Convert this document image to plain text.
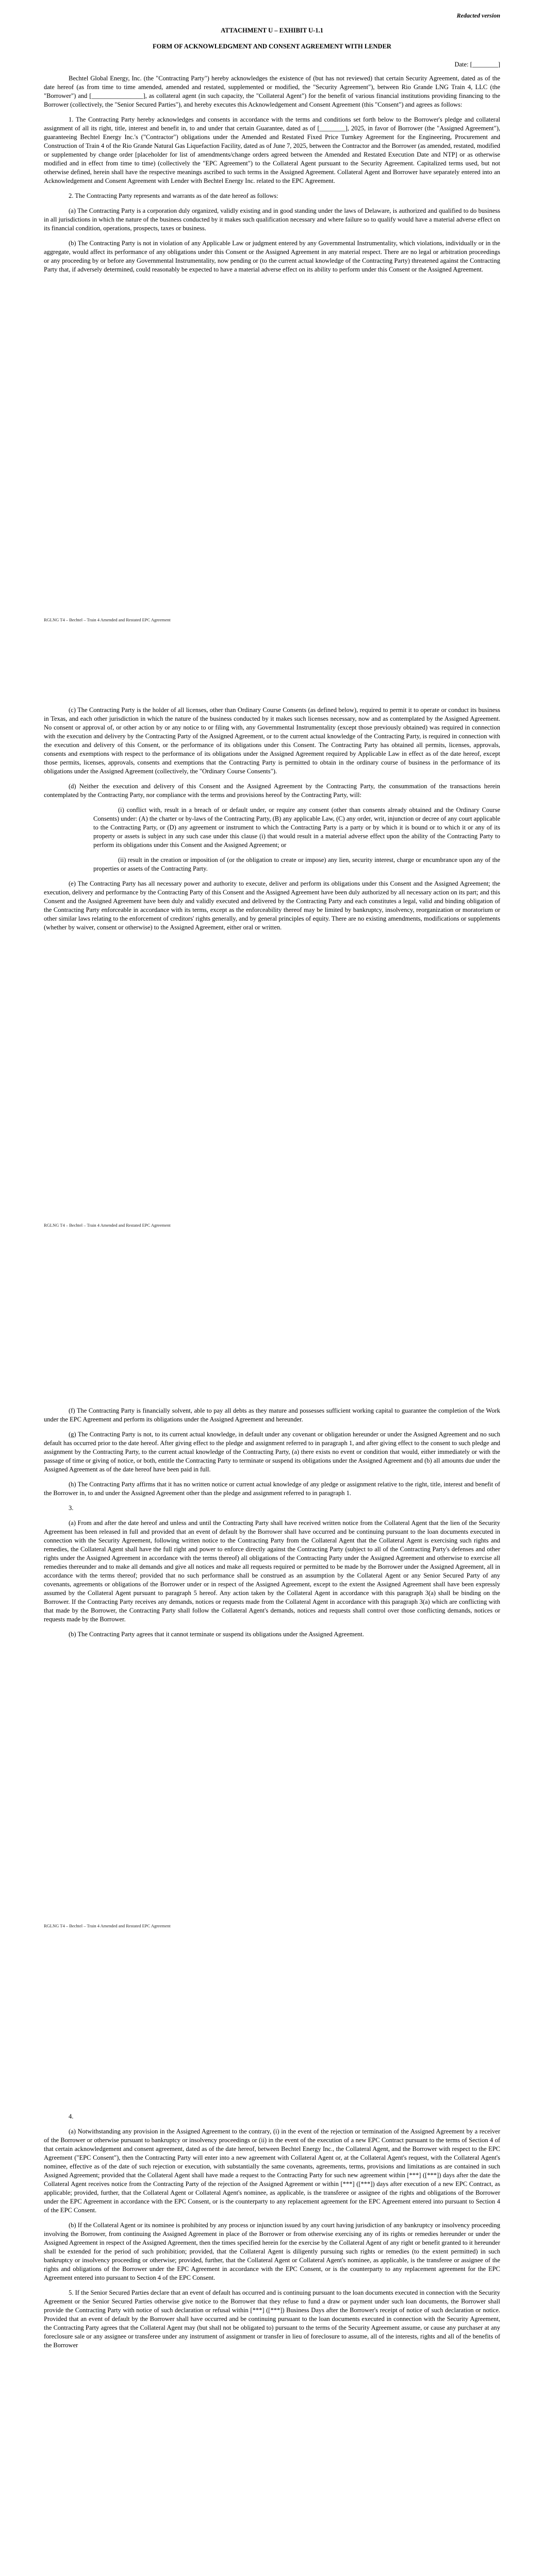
Redacted version
ATTACHMENT U – EXHIBIT U-1.1
FORM OF ACKNOWLEDGMENT AND CONSENT AGREEMENT WITH LENDER
Date: [________]

Bechtel Global Energy, Inc. (the "Contracting Party") hereby acknowledges the existence of (but has not reviewed) that certain Security Agreement, dated as of the date hereof (as from time to time amended, amended and restated, supplemented or modified, the "Security Agreement"), between Rio Grande LNG Train 4, LLC (the "Borrower") and [________________], as collateral agent (in such capacity, the "Collateral Agent") for the benefit of various financial institutions providing financing to the Borrower (collectively, the "Senior Secured Parties"), and hereby executes this Acknowledgement and Consent Agreement (this "Consent") and agrees as follows:

1. The Contracting Party hereby acknowledges and consents in accordance with the terms and conditions set forth below to the Borrower's pledge and collateral assignment of all its right, title, interest and benefit in, to and under that certain Guarantee, dated as of [________], 2025, in favor of Borrower (the "Assigned Agreement"), guaranteeing Bechtel Energy Inc.'s ("Contractor") obligations under the Amended and Restated Fixed Price Turnkey Agreement for the Engineering, Procurement and Construction of Train 4 of the Rio Grande Natural Gas Liquefaction Facility, dated as of June 7, 2025, between the Contractor and the Borrower (as amended, restated, modified or supplemented by change order [placeholder for list of amendments/change orders agreed between the Amended and Restated Execution Date and NTP] or as otherwise modified and in effect from time to time) (collectively the "EPC Agreement") to the Collateral Agent pursuant to the Security Agreement. Capitalized terms used, but not otherwise defined, herein shall have the respective meanings ascribed to such terms in the Assigned Agreement. Collateral Agent and Borrower have separately entered into an Acknowledgement and Consent Agreement with Lender with Bechtel Energy Inc. related to the EPC Agreement.

2. The Contracting Party represents and warrants as of the date hereof as follows:

(a) The Contracting Party is a corporation duly organized, validly existing and in good standing under the laws of Delaware, is authorized and qualified to do business in all jurisdictions in which the nature of the business conducted by it makes such qualification necessary and where failure so to qualify would have a material adverse effect on its financial condition, operations, prospects, taxes or business.

(b) The Contracting Party is not in violation of any Applicable Law or judgment entered by any Governmental Instrumentality, which violations, individually or in the aggregate, would affect its performance of any obligations under this Consent or the Assigned Agreement in any material respect. There are no legal or arbitration proceedings or any proceeding by or before any Governmental Instrumentality, now pending or (to the current actual knowledge of the Contracting Party) threatened against the Contracting Party that, if adversely determined, could reasonably be expected to have a material adverse effect on its ability to perform under this Consent or the Assigned Agreement.

RGLNG T4 – Bechtel – Train 4 Amended and Restated EPC Agreement

(c) The Contracting Party is the holder of all licenses, other than Ordinary Course Consents (as defined below), required to permit it to operate or conduct its business in Texas, and each other jurisdiction in which the nature of the business conducted by it makes such licenses necessary, now and as contemplated by the Assigned Agreement. No consent or approval of, or other action by or any notice to or filing with, any Governmental Instrumentality (except those previously obtained) was required in connection with the execution and delivery by the Contracting Party of the Assigned Agreement, or to the current actual knowledge of the Contracting Party, is required in connection with the execution and delivery of this Consent, or the performance of its obligations under this Consent. The Contracting Party has obtained all permits, licenses, approvals, consents and exemptions with respect to the performance of its obligations under the Assigned Agreement required by Applicable Law in effect as of the date hereof, except those permits, licenses, approvals, consents and exemptions that the Contracting Party is permitted to obtain in the ordinary course of business in the performance of its obligations under the Assigned Agreement (collectively, the "Ordinary Course Consents").

(d) Neither the execution and delivery of this Consent and the Assigned Agreement by the Contracting Party, the consummation of the transactions herein contemplated by the Contracting Party, nor compliance with the terms and provisions hereof by the Contracting Party, will:

(i) conflict with, result in a breach of or default under, or require any consent (other than consents already obtained and the Ordinary Course Consents) under: (A) the charter or by-laws of the Contracting Party, (B) any applicable Law, (C) any order, writ, injunction or decree of any court applicable to the Contracting Party, or (D) any agreement or instrument to which the Contracting Party is a party or by which it is bound or to which it or any of its property or assets is subject in any such case under this clause (i) that would result in a material adverse effect upon the ability of the Contracting Party to perform its obligations under this Consent and the Assigned Agreement; or

(ii) result in the creation or imposition of (or the obligation to create or impose) any lien, security interest, charge or encumbrance upon any of the properties or assets of the Contracting Party.

(e) The Contracting Party has all necessary power and authority to execute, deliver and perform its obligations under this Consent and the Assigned Agreement; the execution, delivery and performance by the Contracting Party of this Consent and the Assigned Agreement have been duly authorized by all necessary action on its part; and this Consent and the Assigned Agreement have been duly and validly executed and delivered by the Contracting Party and each constitutes a legal, valid and binding obligation of the Contracting Party enforceable in accordance with its terms, except as the enforceability thereof may be limited by bankruptcy, insolvency, reorganization or moratorium or other similar laws relating to the enforcement of creditors' rights generally, and by general principles of equity. There are no existing amendments, modifications or supplements (whether by waiver, consent or otherwise) to the Assigned Agreement, either oral or written.

RGLNG T4 – Bechtel – Train 4 Amended and Restated EPC Agreement

(f) The Contracting Party is financially solvent, able to pay all debts as they mature and possesses sufficient working capital to guarantee the completion of the Work under the EPC Agreement and perform its obligations under the Assigned Agreement and hereunder.

(g) The Contracting Party is not, to its current actual knowledge, in default under any covenant or obligation hereunder or under the Assigned Agreement and no such default has occurred prior to the date hereof. After giving effect to the pledge and assignment referred to in paragraph 1, and after giving effect to the consent to such pledge and assignment by the Contracting Party, to the current actual knowledge of the Contracting Party, (a) there exists no event or condition that would, either immediately or with the passage of time or giving of notice, or both, entitle the Contracting Party to terminate or suspend its obligations under the Assigned Agreement and (b) all amounts due under the Assigned Agreement as of the date hereof have been paid in full.

(h) The Contracting Party affirms that it has no written notice or current actual knowledge of any pledge or assignment relative to the right, title, interest and benefit of the Borrower in, to and under the Assigned Agreement other than the pledge and assignment referred to in paragraph 1.

3.

(a) From and after the date hereof and unless and until the Contracting Party shall have received written notice from the Collateral Agent that the lien of the Security Agreement has been released in full and provided that an event of default by the Borrower shall have occurred and be continuing pursuant to the loan documents executed in connection with the Security Agreement, following written notice to the Contracting Party from the Collateral Agent that the Collateral Agent is exercising such rights and remedies, the Collateral Agent shall have the full right and power to enforce directly against the Contracting Party (subject to all of the Contracting Party's defenses and other rights under the Assigned Agreement in accordance with the terms thereof) all obligations of the Contracting Party under the Assigned Agreement and otherwise to exercise all remedies thereunder and to make all demands and give all notices and make all requests required or permitted to be made by the Borrower under the Assigned Agreement, all in accordance with the terms thereof; provided that no such performance shall be construed as an assumption by the Collateral Agent or any Senior Secured Party of any covenants, agreements or obligations of the Borrower under or in respect of the Assigned Agreement, except to the extent the Assigned Agreement shall have been expressly assumed by the Collateral Agent pursuant to paragraph 5 hereof. Any action taken by the Collateral Agent in accordance with this paragraph 3(a) shall be binding on the Borrower. If the Contracting Party receives any demands, notices or requests made from the Collateral Agent in accordance with this paragraph 3(a) which are conflicting with that made by the Borrower, the Contracting Party shall follow the Collateral Agent's demands, notices and requests shall control over those conflicting demands, notices or requests made by the Borrower.

(b) The Contracting Party agrees that it cannot terminate or suspend its obligations under the Assigned Agreement.

RGLNG T4 – Bechtel – Train 4 Amended and Restated EPC Agreement

4.

(a) Notwithstanding any provision in the Assigned Agreement to the contrary, (i) in the event of the rejection or termination of the Assigned Agreement by a receiver of the Borrower or otherwise pursuant to bankruptcy or insolvency proceedings or (ii) in the event of the execution of a new EPC Contract pursuant to the terms of Section 4 of that certain acknowledgement and consent agreement, dated as of the date hereof, between Bechtel Energy Inc., the Collateral Agent, and the Borrower with respect to the EPC Agreement ("EPC Consent"), then the Contracting Party will enter into a new agreement with Collateral Agent or, at the Collateral Agent's request, with the Collateral Agent's nominee, effective as of the date of such rejection or execution, with substantially the same covenants, agreements, terms, provisions and limitations as are contained in such Assigned Agreement; provided that the Collateral Agent shall have made a request to the Contracting Party for such new agreement within [***] ([***]) days after the date the Collateral Agent receives notice from the Contracting Party of the rejection of the Assigned Agreement or within [***] ([***]) days after execution of a new EPC Contract, as applicable; provided, further, that the Collateral Agent or Collateral Agent's nominee, as applicable, is the transferee or assignee of the rights and obligations of the Borrower under the EPC Agreement in accordance with the EPC Consent, or is the counterparty to any replacement agreement for the EPC Agreement entered into pursuant to Section 4 of the EPC Consent.

(b) If the Collateral Agent or its nominee is prohibited by any process or injunction issued by any court having jurisdiction of any bankruptcy or insolvency proceeding involving the Borrower, from continuing the Assigned Agreement in place of the Borrower or from otherwise exercising any of its rights or remedies hereunder or under the Assigned Agreement in respect of the Assigned Agreement, then the times specified herein for the exercise by the Collateral Agent of any right or benefit granted to it hereunder shall be extended for the period of such prohibition; provided, that the Collateral Agent is diligently pursuing such rights or remedies (to the extent permitted) in such bankruptcy or insolvency proceeding or otherwise; provided, further, that the Collateral Agent or Collateral Agent's nominee, as applicable, is the transferee or assignee of the rights and obligations of the Borrower under the EPC Agreement in accordance with the EPC Consent, or is the counterparty to any replacement agreement for the EPC Agreement entered into pursuant to Section 4 of the EPC Consent.

5. If the Senior Secured Parties declare that an event of default has occurred and is continuing pursuant to the loan documents executed in connection with the Security Agreement or the Senior Secured Parties otherwise give notice to the Borrower that they refuse to fund a draw or payment under such loan documents, the Borrower shall provide the Contracting Party with notice of such declaration or refusal within [***] ([***]) Business Days after the Borrower's receipt of notice of such declaration or notice. Provided that an event of default by the Borrower shall have occurred and be continuing pursuant to the loan documents executed in connection with the Security Agreement, the Contracting Party agrees that the Collateral Agent may (but shall not be obligated to) pursuant to the terms of the Security Agreement assume, or cause any purchaser at any foreclosure sale or any assignee or transferee under any instrument of assignment or transfer in lieu of foreclosure to assume, all of the interests, rights and all of the benefits of the Borrower
